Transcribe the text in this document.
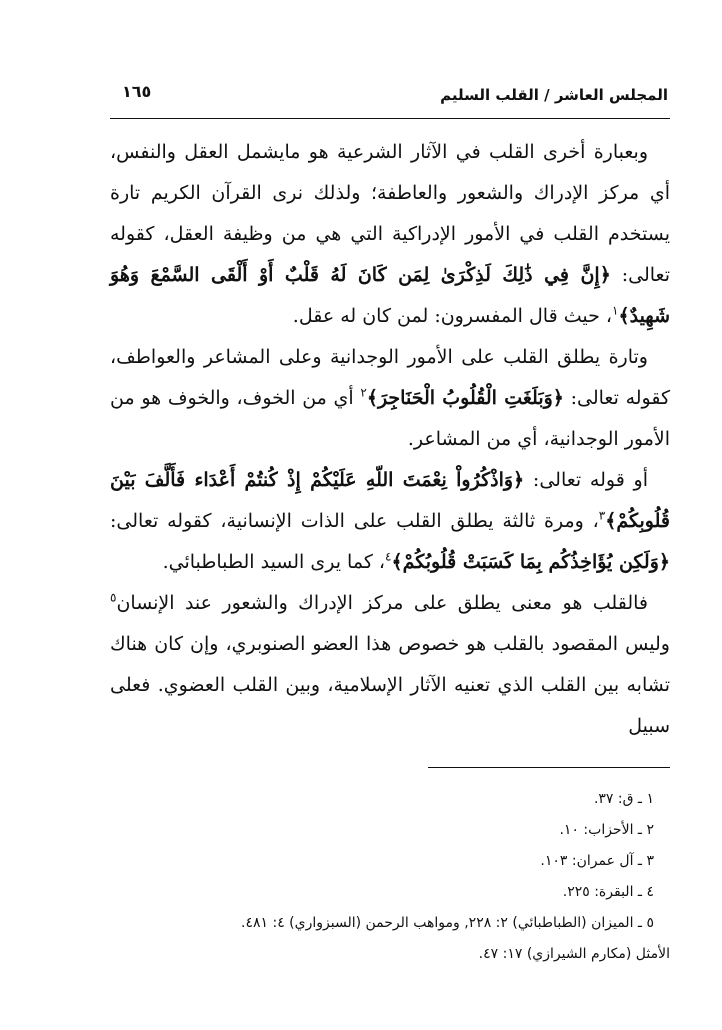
المجلس العاشر / القلب السليم
١٦٥

وبعبارة أخرى القلب في الآثار الشرعية هو مايشمل العقل والنفس، أي مركز الإدراك والشعور والعاطفة؛ ولذلك نرى القرآن الكريم تارة يستخدم القلب في الأمور الإدراكية التي هي من وظيفة العقل، كقوله تعالى: ﴿إِنَّ فِي ذَٰلِكَ لَذِكْرَىٰ لِمَن كَانَ لَهُ قَلْبٌ أَوْ أَلْقَى السَّمْعَ وَهُوَ شَهِيدٌ﴾$^١$، حيث قال المفسرون: لمن كان له عقل.

وتارة يطلق القلب على الأمور الوجدانية وعلى المشاعر والعواطف، كقوله تعالى: ﴿وَبَلَغَتِ الْقُلُوبُ الْحَنَاجِرَ﴾$^٢$ أي من الخوف، والخوف هو من الأمور الوجدانية، أي من المشاعر.

أو قوله تعالى: ﴿وَاذْكُرُواْ نِعْمَتَ اللّهِ عَلَيْكُمْ إِذْ كُنتُمْ أَعْدَاء فَأَلَّفَ بَيْنَ قُلُوبِكُمْ﴾$^٣$، ومرة ثالثة يطلق القلب على الذات الإنسانية، كقوله تعالى: ﴿وَلَكِن يُؤَاخِذُكُم بِمَا كَسَبَتْ قُلُوبُكُمْ﴾$^٤$، كما يرى السيد الطباطبائي.

فالقلب هو معنى يطلق على مركز الإدراك والشعور عند الإنسان$^٥$ وليس المقصود بالقلب هو خصوص هذا العضو الصنوبري، وإن كان هناك تشابه بين القلب الذي تعنيه الآثار الإسلامية، وبين القلب العضوي. فعلى سبيل

١ ـ ق: ٣٧.

٢ ـ الأحزاب: ١٠.

٣ ـ آل عمران: ١٠٣.

٤ ـ البقرة: ٢٢٥.

٥ ـ الميزان (الطباطبائي) ٢: ٢٢٨, ومواهب الرحمن (السبزواري) ٤: ٤٨١.

الأمثل (مكارم الشيرازي) ١٧: ٤٧.
